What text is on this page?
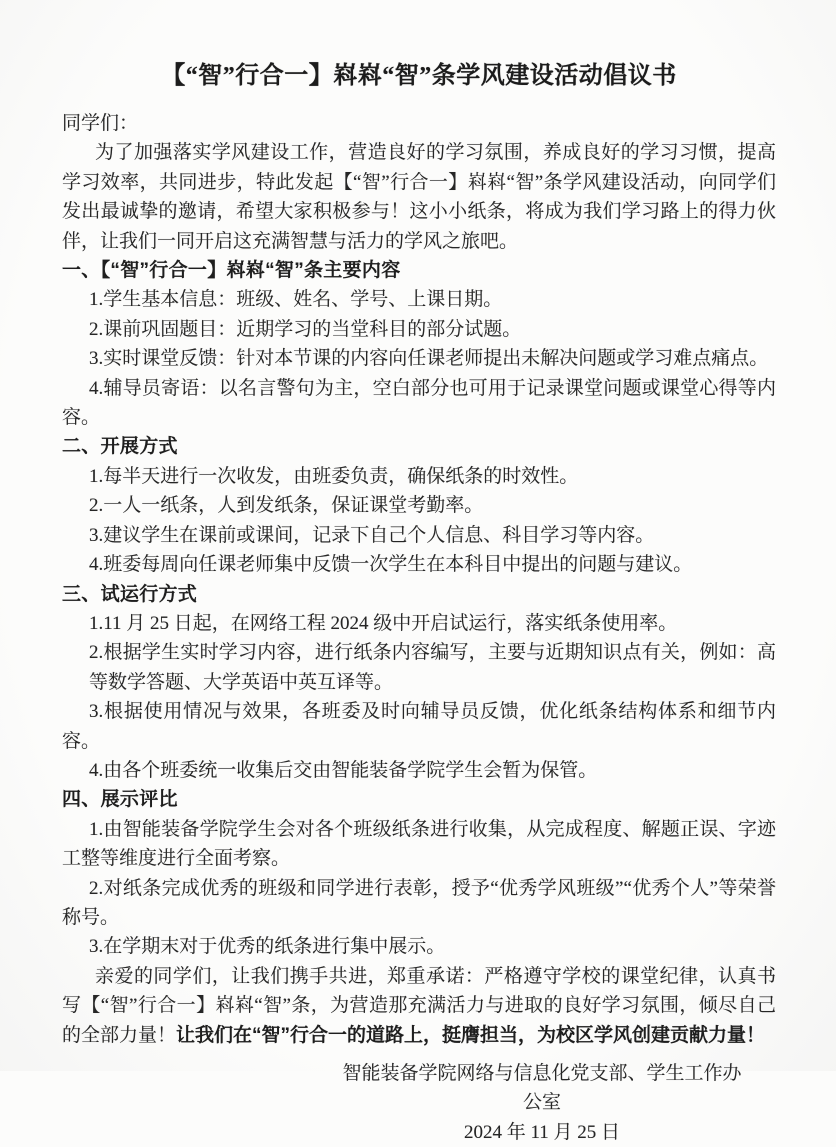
【“智”行合一】嵙嵙“智”条学风建设活动倡议书

同学们：

为了加强落实学风建设工作，营造良好的学习氛围，养成良好的学习习惯，提高学习效率，共同进步，特此发起【“智”行合一】嵙嵙“智”条学风建设活动，向同学们发出最诚挚的邀请，希望大家积极参与！这小小纸条，将成为我们学习路上的得力伙伴，让我们一同开启这充满智慧与活力的学风之旅吧。

一、【“智”行合一】嵙嵙“智”条主要内容

1.学生基本信息：班级、姓名、学号、上课日期。

2.课前巩固题目：近期学习的当堂科目的部分试题。

3.实时课堂反馈：针对本节课的内容向任课老师提出未解决问题或学习难点痛点。

4.辅导员寄语：以名言警句为主，空白部分也可用于记录课堂问题或课堂心得等内容。

二、开展方式

1.每半天进行一次收发，由班委负责，确保纸条的时效性。

2.一人一纸条，人到发纸条，保证课堂考勤率。

3.建议学生在课前或课间，记录下自己个人信息、科目学习等内容。

4.班委每周向任课老师集中反馈一次学生在本科目中提出的问题与建议。

三、试运行方式

1.11 月 25 日起，在网络工程 2024 级中开启试运行，落实纸条使用率。

2.根据学生实时学习内容，进行纸条内容编写，主要与近期知识点有关，例如：高等数学答题、大学英语中英互译等。

3.根据使用情况与效果，各班委及时向辅导员反馈，优化纸条结构体系和细节内容。

4.由各个班委统一收集后交由智能装备学院学生会暂为保管。

四、展示评比

1.由智能装备学院学生会对各个班级纸条进行收集，从完成程度、解题正误、字迹工整等维度进行全面考察。

2.对纸条完成优秀的班级和同学进行表彰，授予“优秀学风班级”“优秀个人”等荣誉称号。

3.在学期末对于优秀的纸条进行集中展示。

亲爱的同学们，让我们携手共进，郑重承诺：严格遵守学校的课堂纪律，认真书写【“智”行合一】嵙嵙“智”条，为营造那充满活力与进取的良好学习氛围，倾尽自己的全部力量！让我们在“智”行合一的道路上，挺膺担当，为校区学风创建贡献力量！

智能装备学院网络与信息化党支部、学生工作办公室

2024 年 11 月 25 日
